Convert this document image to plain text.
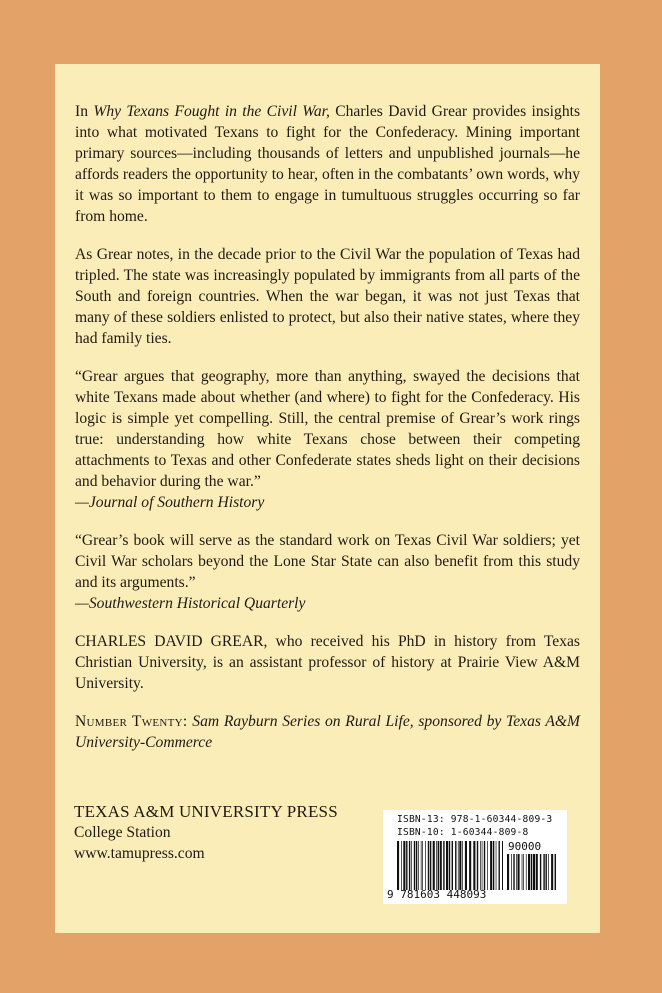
In Why Texans Fought in the Civil War, Charles David Grear provides insights into what motivated Texans to fight for the Confederacy. Mining important primary sources—including thousands of letters and unpublished journals—he affords readers the opportunity to hear, often in the combatants’ own words, why it was so important to them to engage in tumultuous struggles occurring so far from home.

As Grear notes, in the decade prior to the Civil War the population of Texas had tripled. The state was increasingly populated by immigrants from all parts of the South and foreign countries. When the war began, it was not just Texas that many of these soldiers enlisted to protect, but also their native states, where they had family ties.

“Grear argues that geography, more than anything, swayed the decisions that white Texans made about whether (and where) to fight for the Confederacy. His logic is simple yet compelling. Still, the central premise of Grear’s work rings true: understanding how white Texans chose between their competing attachments to Texas and other Confederate states sheds light on their decisions and behavior during the war.”

—Journal of Southern History

“Grear’s book will serve as the standard work on Texas Civil War soldiers; yet Civil War scholars beyond the Lone Star State can also benefit from this study and its arguments.”

—Southwestern Historical Quarterly

CHARLES DAVID GREAR, who received his PhD in history from Texas Christian University, is an assistant professor of history at Prairie View A&M University.

Number Twenty: Sam Rayburn Series on Rural Life, sponsored by Texas A&M University-Commerce

TEXAS A&M UNIVERSITY PRESS
College Station
www.tamupress.com
ISBN-13: 978-1-60344-809-3
ISBN-10: 1-60344-809-8
90000
9 781603 448093
